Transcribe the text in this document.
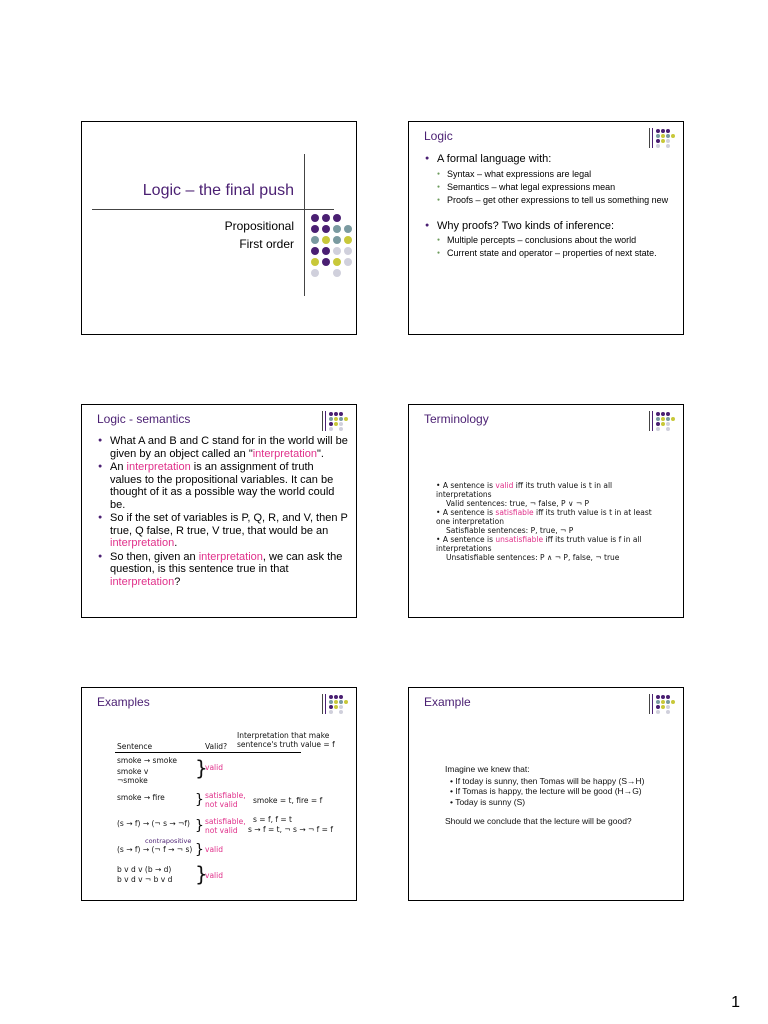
Logic – the final push
Propositional
First order
Logic
● A formal language with:
● Syntax – what expressions are legal
● Semantics – what legal expressions mean
● Proofs – get other expressions to tell us something new
● Why proofs? Two kinds of inference:
● Multiple percepts – conclusions about the world
● Current state and operator – properties of next state.
Logic - semantics
● What A and B and C stand for in the world will be given by an object called an "interpretation".
● An interpretation is an assignment of truth values to the propositional variables. It can be thought of it as a possible way the world could be.
● So if the set of variables is P, Q, R, and V, then P true, Q false, R true, V true, that would be an interpretation.
● So then, given an interpretation, we can ask the question, is this sentence true in that interpretation?
Terminology
• A sentence is valid iff its truth value is t in all interpretations
Valid sentences: true, ¬ false, P ∨ ¬ P
• A sentence is satisfiable iff its truth value is t in at least one interpretation
Satisfiable sentences: P, true, ¬ P
• A sentence is unsatisfiable iff its truth value is f in all interpretations
Unsatisfiable sentences: P ∧ ¬ P, false, ¬ true
Examples
Interpretation that make sentence's truth value = f
Sentence	Valid?
smoke → smoke
smoke v ¬smoke
}
valid
smoke → fire } satisfiable, not valid	smoke = t, fire = f
(s → f) → (¬ s → ¬f) } satisfiable, not valid
s = f, f = t
s → f = t, ¬ s → ¬ f = f
contrapositive
(s → f) → (¬ f → ¬ s) } valid
b v d v (b → d)
b v d v ¬ b v d }
valid
Example
Imagine we knew that:
• If today is sunny, then Tomas will be happy (S→H)
• If Tomas is happy, the lecture will be good (H→G)
• Today is sunny (S)
Should we conclude that the lecture will be good?
1
